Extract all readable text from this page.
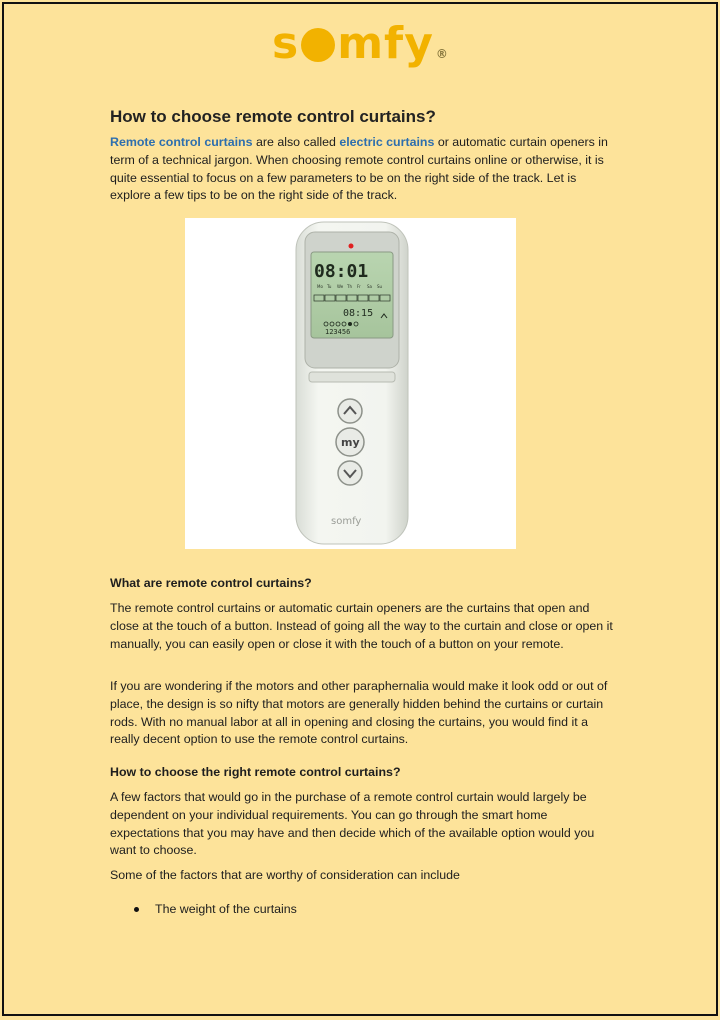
s mfy ®
How to choose remote control curtains?

Remote control curtains are also called electric curtains or automatic curtain openers in term of a technical jargon. When choosing remote control curtains online or otherwise, it is quite essential to focus on a few parameters to be on the right side of the track. Let is explore a few tips to be on the right side of the track.

08:01
Mo Tu We Th Fr Sa Su
08:15
123456
my
somfy

What are remote control curtains?

The remote control curtains or automatic curtain openers are the curtains that open and close at the touch of a button. Instead of going all the way to the curtain and close or open it manually, you can easily open or close it with the touch of a button on your remote.

If you are wondering if the motors and other paraphernalia would make it look odd or out of place, the design is so nifty that motors are generally hidden behind the curtains or curtain rods. With no manual labor at all in opening and closing the curtains, you would find it a really decent option to use the remote control curtains.

How to choose the right remote control curtains?

A few factors that would go in the purchase of a remote control curtain would largely be dependent on your individual requirements. You can go through the smart home expectations that you may have and then decide which of the available option would you want to choose.

Some of the factors that are worthy of consideration can include

The weight of the curtains
